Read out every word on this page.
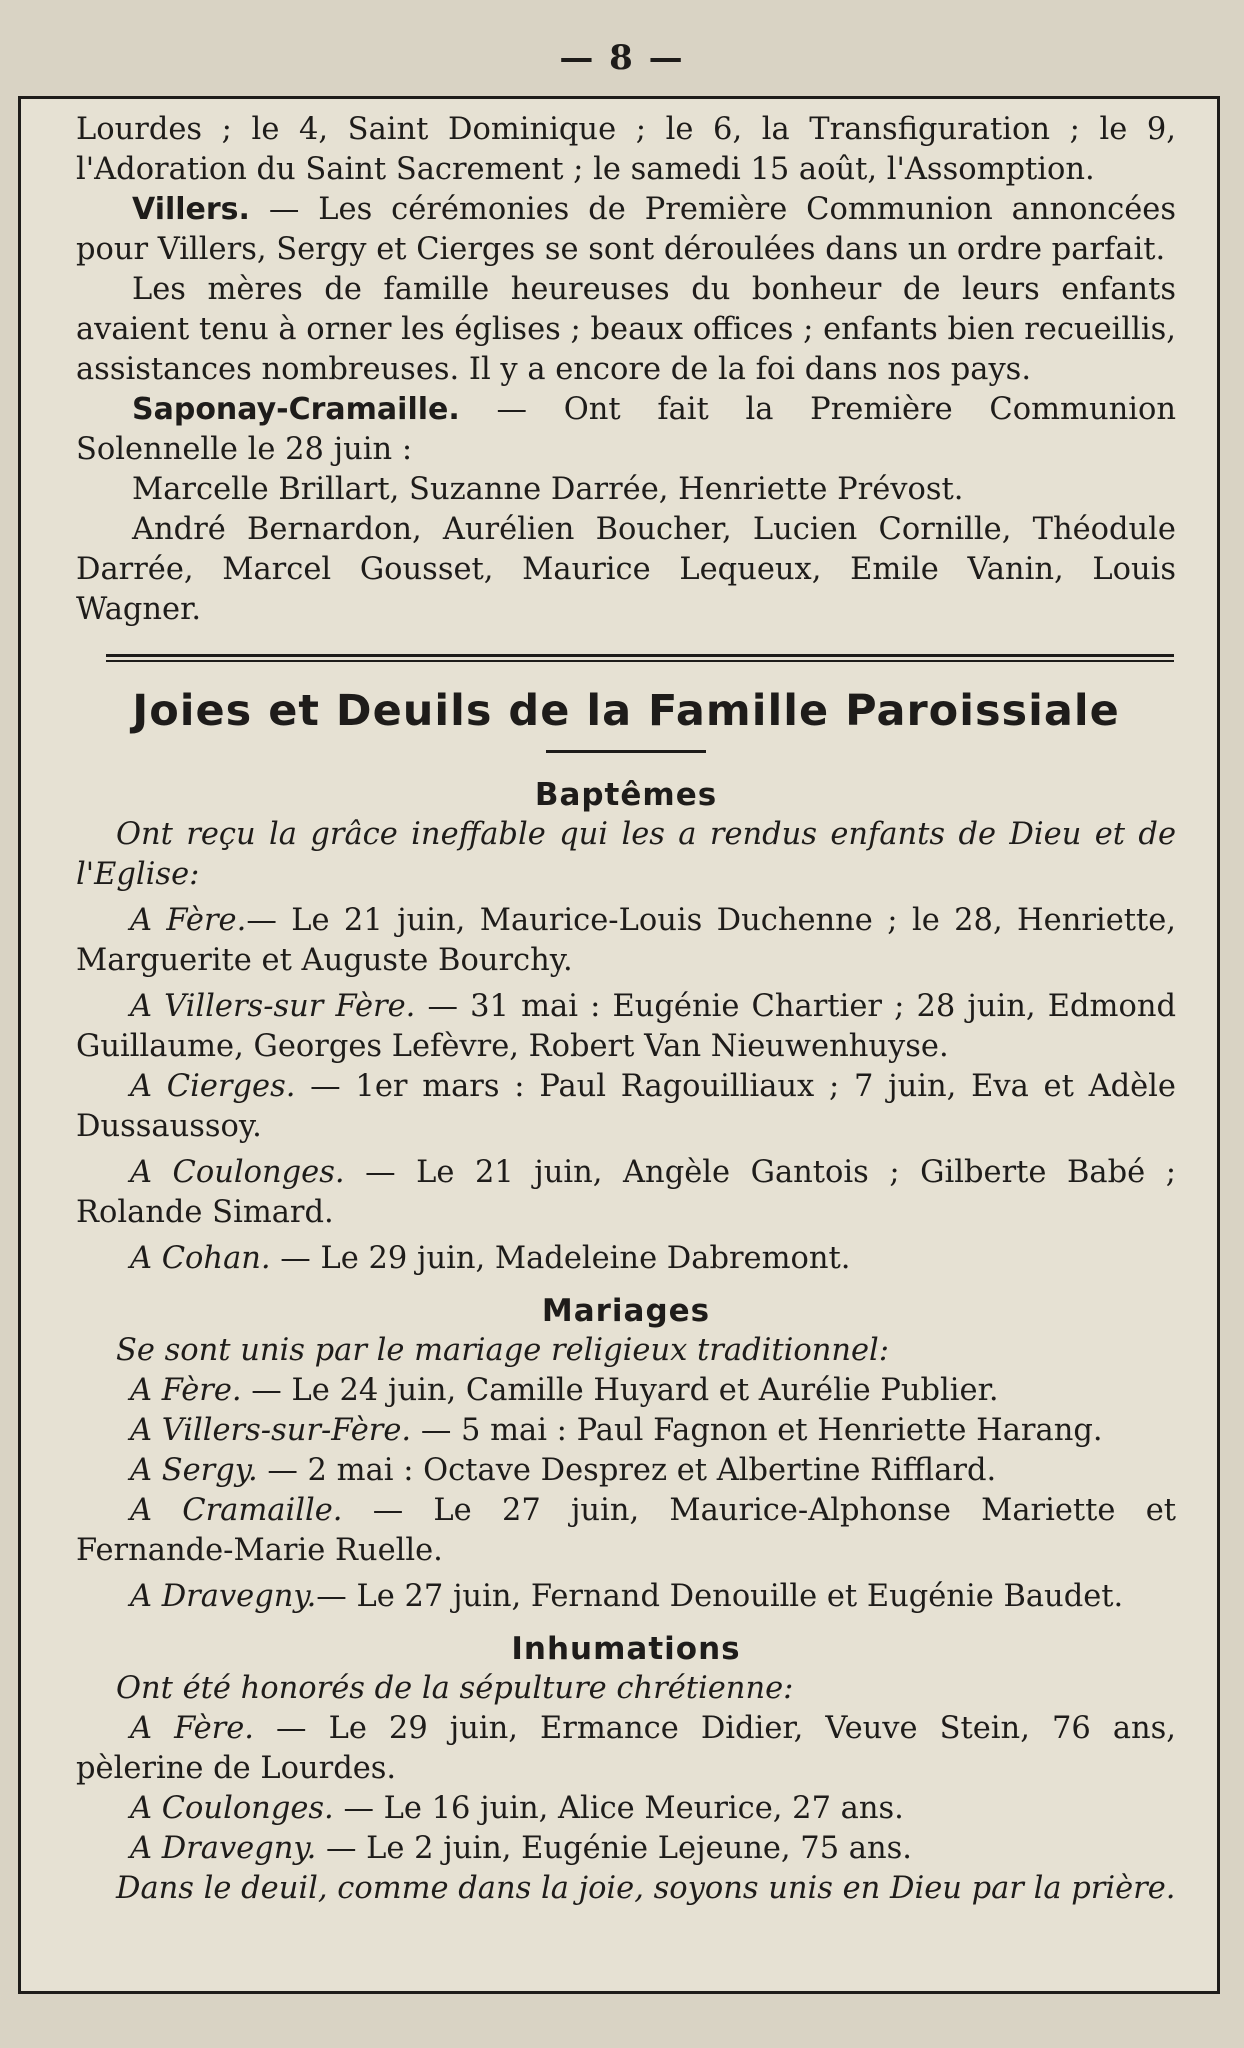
— 8 —

Lourdes ; le 4, Saint Dominique ; le 6, la Transfiguration ; le 9, l'Adoration du Saint Sacrement ; le samedi 15 août, l'Assomption.

Villers. — Les cérémonies de Première Communion annoncées pour Villers, Sergy et Cierges se sont déroulées dans un ordre parfait.

Les mères de famille heureuses du bonheur de leurs enfants avaient tenu à orner les églises ; beaux offices ; enfants bien recueillis, assistances nombreuses. Il y a encore de la foi dans nos pays.

Saponay-Cramaille. — Ont fait la Première Communion Solennelle le 28 juin :

Marcelle Brillart, Suzanne Darrée, Henriette Prévost.

André Bernardon, Aurélien Boucher, Lucien Cornille, Théodule Darrée, Marcel Gousset, Maurice Lequeux, Emile Vanin, Louis Wagner.

Joies et Deuils de la Famille Paroissiale
Baptêmes

Ont reçu la grâce ineffable qui les a rendus enfants de Dieu et de l'Eglise:

A Fère.— Le 21 juin, Maurice-Louis Duchenne ; le 28, Henriette, Marguerite et Auguste Bourchy.

A Villers-sur Fère. — 31 mai : Eugénie Chartier ; 28 juin, Edmond Guillaume, Georges Lefèvre, Robert Van Nieuwenhuyse.

A Cierges. — 1er mars : Paul Ragouilliaux ; 7 juin, Eva et Adèle Dussaussoy.

A Coulonges. — Le 21 juin, Angèle Gantois ; Gilberte Babé ; Rolande Simard.

A Cohan. — Le 29 juin, Madeleine Dabremont.

Mariages

Se sont unis par le mariage religieux traditionnel:

A Fère. — Le 24 juin, Camille Huyard et Aurélie Publier.

A Villers-sur-Fère. — 5 mai : Paul Fagnon et Henriette Harang.

A Sergy. — 2 mai : Octave Desprez et Albertine Rifflard.

A Cramaille. — Le 27 juin, Maurice-Alphonse Mariette et Fernande-Marie Ruelle.

A Dravegny.— Le 27 juin, Fernand Denouille et Eugénie Baudet.

Inhumations

Ont été honorés de la sépulture chrétienne:

A Fère. — Le 29 juin, Ermance Didier, Veuve Stein, 76 ans, pèlerine de Lourdes.

A Coulonges. — Le 16 juin, Alice Meurice, 27 ans.

A Dravegny. — Le 2 juin, Eugénie Lejeune, 75 ans.

Dans le deuil, comme dans la joie, soyons unis en Dieu par la prière.
